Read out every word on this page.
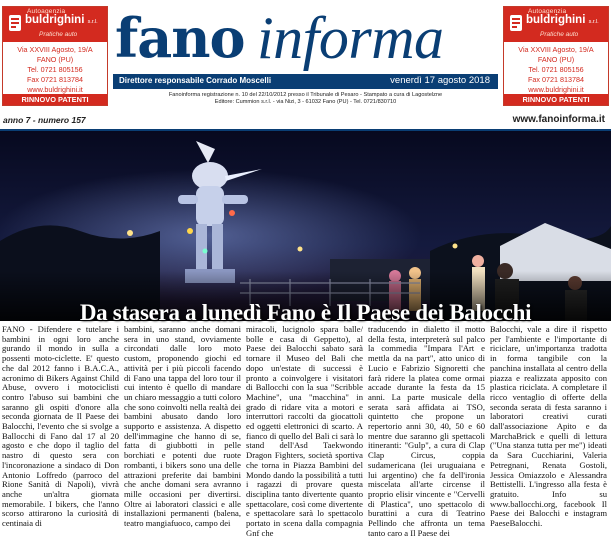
Autoagenzia
buldrighini s.r.l.
Pratiche auto
Via XXVIII Agosto, 19/A
FANO (PU)
Tel. 0721 805156
Fax 0721 813784
www.buldrighini.it
RINNOVO PATENTI
Autoagenzia
buldrighini s.r.l.
Pratiche auto
Via XXVIII Agosto, 19/A
FANO (PU)
Tel. 0721 805156
Fax 0721 813784
www.buldrighini.it
RINNOVO PATENTI
fano informa
Direttore responsabile Corrado Moscelli	venerdì 17 agosto 2018
Fanoinforma registrazione n. 10 del 22/10/2012 presso il Tribunale di Pesaro - Stampato a cura di Lagostelzne
Editore: Cummion s.r.l. - via Nizi, 3 - 61032 Fano (PU) - Tel. 0721/830710
anno 7 - numero 157	www.fanoinforma.it
Da stasera a lunedì Fano è Il Paese dei Balocchi

FANO - Difendere e tutelare i bambini in ogni loro anche gurando il mondo in sulla a possenti moto-ciclette. E' questo che dal 2012 fanno i B.A.C.A., acronimo di Bikers Against Child Abuse, ovvero i motociclisti contro l'abuso sui bambini che saranno gli ospiti d'onore alla seconda giornata de Il Paese dei Balocchi, l'evento che si svolge a Ballocchi di Fano dal 17 al 20 agosto e che dopo il taglio del nastro di questo sera con l'incoronazione a sindaco di Don Antonio Loffredo (parroco del Rione Sanità di Napoli), vivrà anche un'altra giornata memorabile. I bikers, che l'anno scorso attirarono la curiosità di centinaia di

bambini, saranno anche domani sera in uno stand, ovviamente circondati dalle loro moto custom, proponendo giochi ed attività per i più piccoli facendo di Fano una tappa del loro tour il cui intento è quello di mandare un chiaro messaggio a tutti coloro che sono coinvolti nella realtà dei bambini abusato dando loro supporto e assistenza. A dispetto dell'immagine che hanno di se, fatta di giubbotti in pelle borchiati e potenti due ruote rombanti, i bikers sono una delle attrazioni preferite dai bambini che anche domani sera avranno mille occasioni per divertirsi. Oltre ai laboratori classici e alle installazioni permanenti (balena, teatro mangiafuoco, campo dei

miracoli, lucignolo spara balle/ bolle e casa di Geppetto), al Paese dei Balocchi sabato sarà tornare il Museo del Bali che dopo un'estate di successi è pronto a coinvolgere i visitatori di Ballocchi con la sua "Scribble Machine", una "macchina" in grado di ridare vita a motori e interruttori raccolti da giocattoli ed oggetti elettronici di scarto. A fianco di quello del Bali ci sarà lo stand dell'Asd Taekwondo Dragon Fighters, società sportiva che torna in Piazza Bambini del Mondo dando la possibilità a tutti i ragazzi di provare questa disciplina tanto divertente quanto spettacolare, così come divertente e spettacolare sarà lo spettacolo portato in scena dalla compagnia Gnf che

traducendo in dialetto il motto della festa, interpreterà sul palco la commedia "Impara l'Art e mettla da na part", atto unico di Lucio e Fabrizio Signoretti che farà ridere la platea come ormai accade durante la festa da 15 anni. La parte musicale della serata sarà affidata ai TSO, quintetto che propone un repertorio anni 30, 40, 50 e 60 mentre due saranno gli spettacoli itineranti: "Gulp", a cura di Clap Clap Circus, coppia sudamericana (lei uruguaiana e lui argentino) che fa dell'ironia miscelata all'arte circense il proprio elisir vincente e "Cervelli di Plastica", uno spettacolo di burattini a cura di Teatrino Pellindo che affronta un tema tanto caro a Il Paese dei

Balocchi, vale a dire il rispetto per l'ambiente e l'importante di riciclare, un'importanza tradotta in forma tangibile con la panchina installata al centro della piazza e realizzata apposito con plastica riciclata. A completare il ricco ventaglio di offerte della seconda serata di festa saranno i laboratori creativi curati dall'associazione Apito e da MarchaBrick e quelli di lettura ("Una stanza tutta per me") ideati da Sara Cucchiarini, Valeria Petregnani, Renata Gostoli, Jessica Omiazzolo e Alessandra Bettistelli. L'ingresso alla festa è gratuito. Info su www.ballocchi.org, facebook Il Paese dei Balocchi e instagram PaeseBalocchi.
